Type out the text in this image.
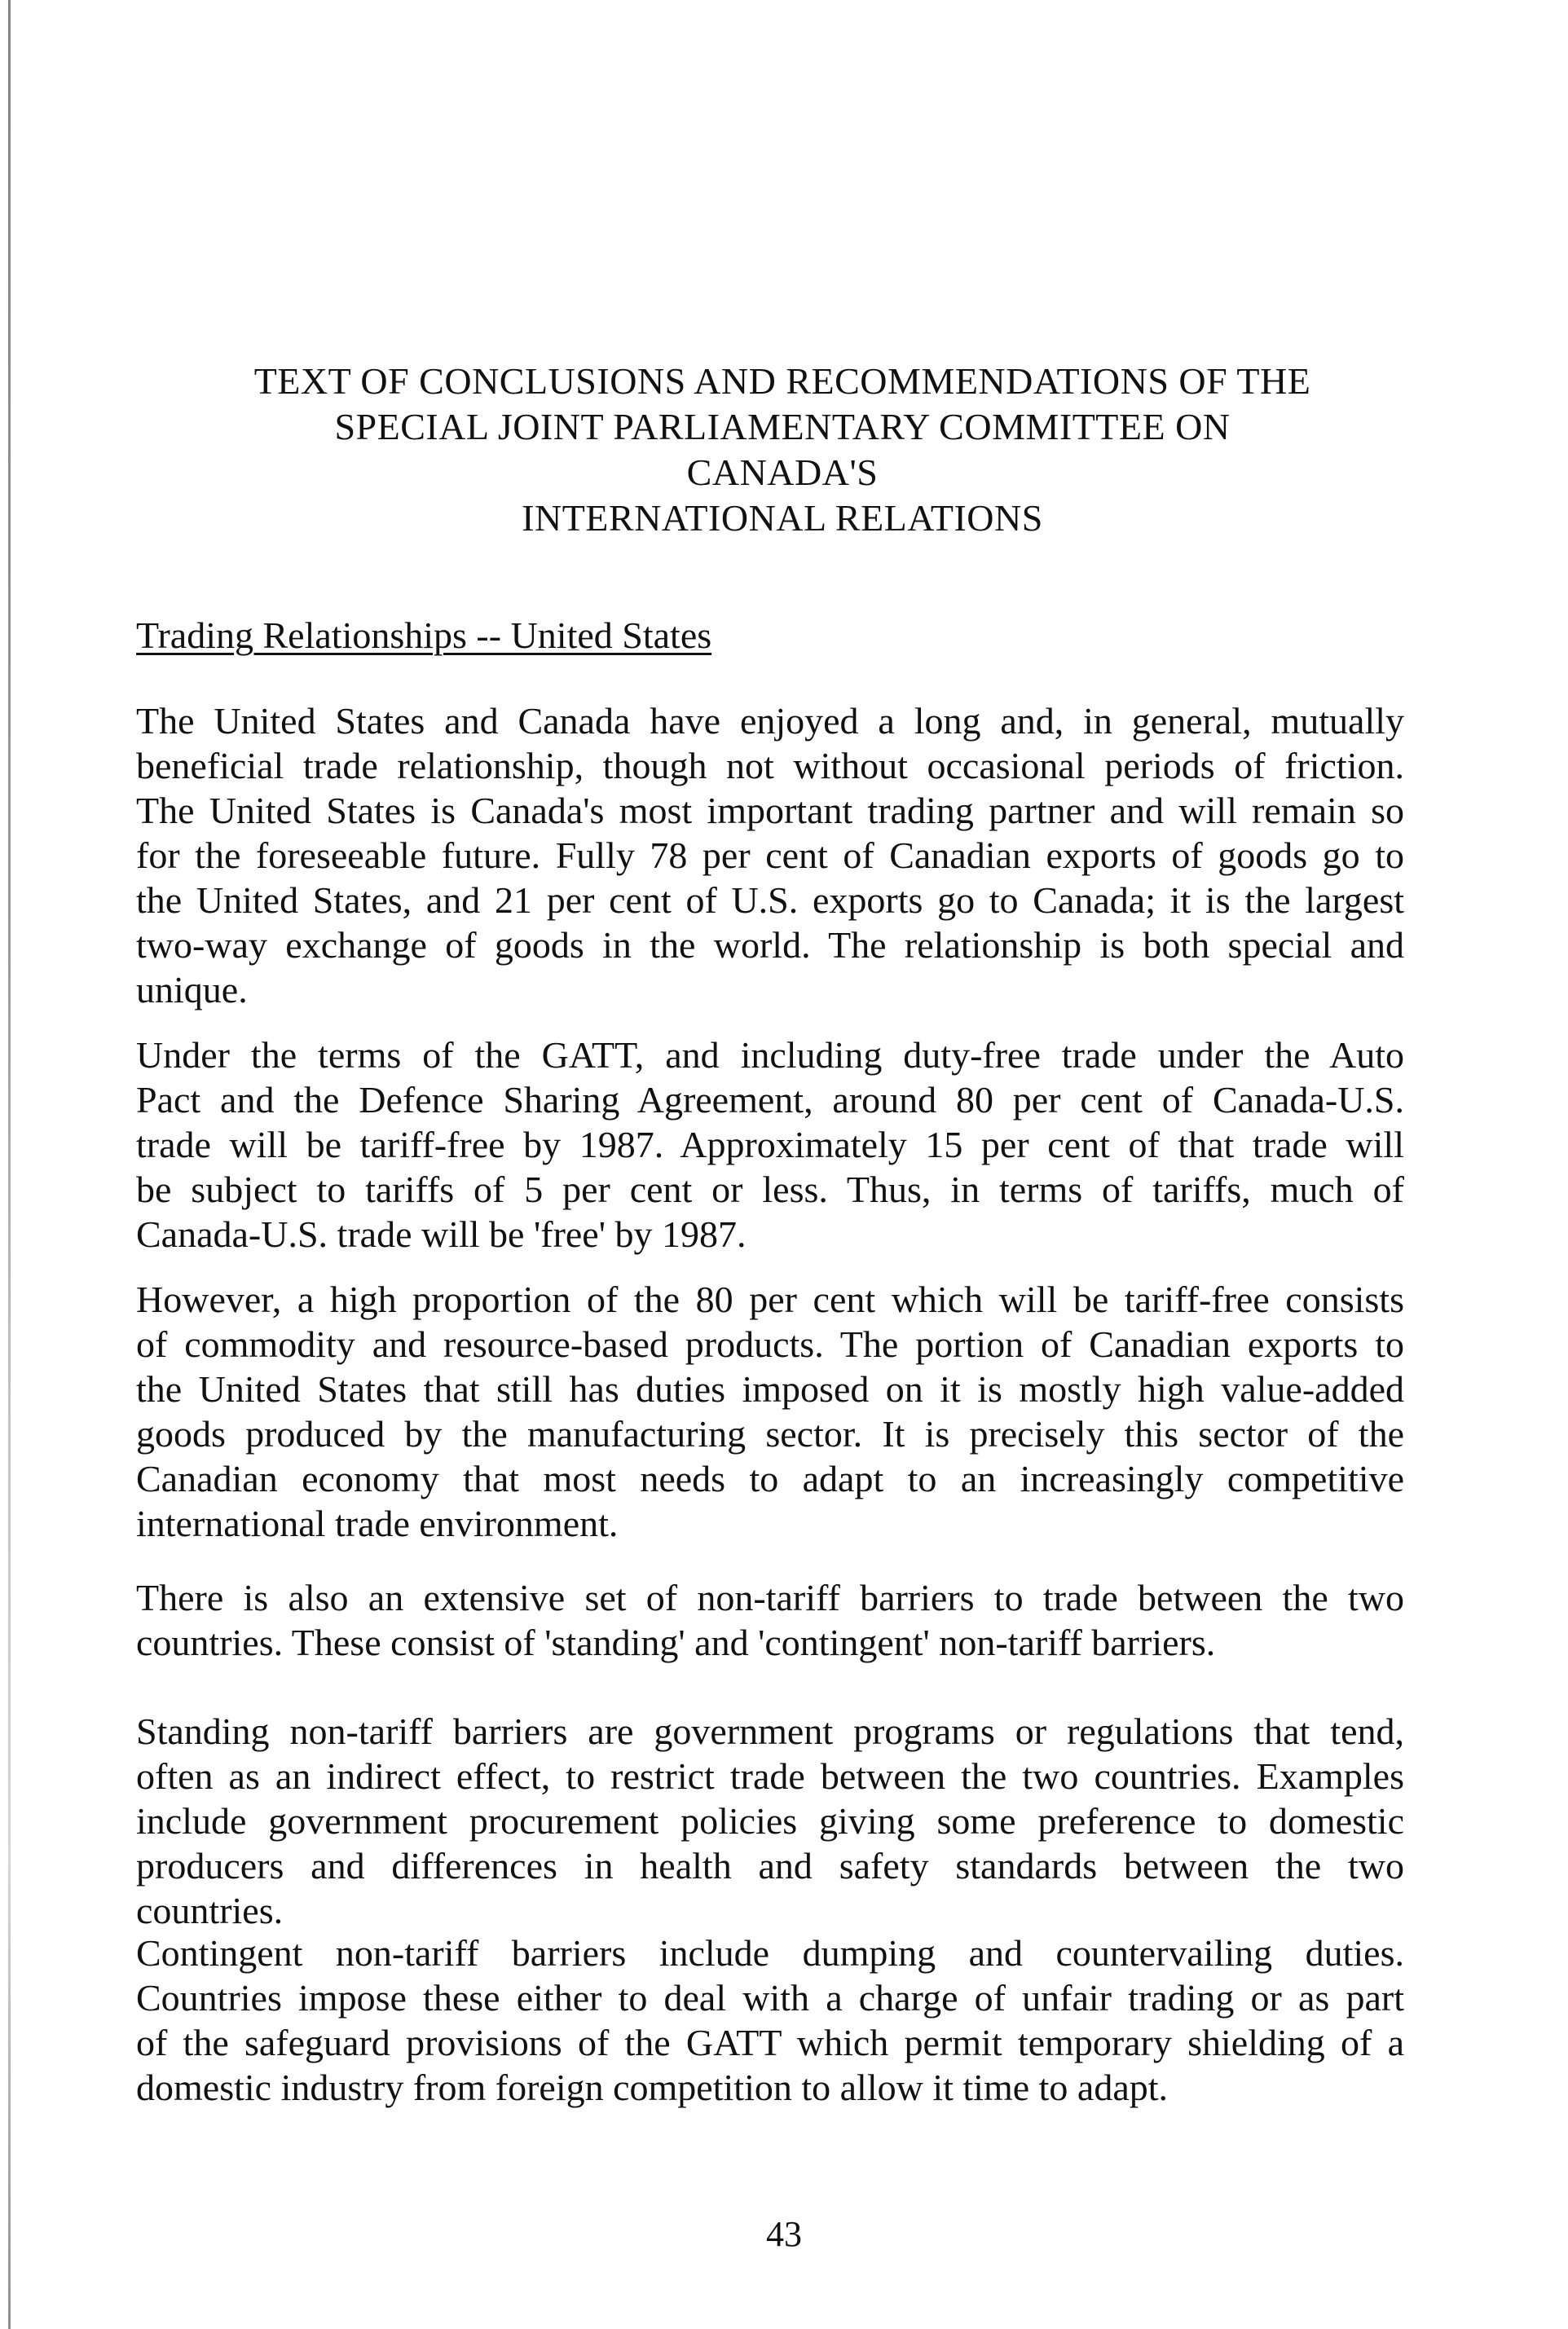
TEXT OF CONCLUSIONS AND RECOMMENDATIONS OF THE
SPECIAL JOINT PARLIAMENTARY COMMITTEE ON
CANADA'S
INTERNATIONAL RELATIONS
Trading Relationships -- United States
The United States and Canada have enjoyed a long and, in general, mutually
beneficial trade relationship, though not without occasional periods of friction.
The United States is Canada's most important trading partner and will remain so
for the foreseeable future. Fully 78 per cent of Canadian exports of goods go to
the United States, and 21 per cent of U.S. exports go to Canada; it is the largest
two-way exchange of goods in the world. The relationship is both special and
unique.
Under the terms of the GATT, and including duty-free trade under the Auto
Pact and the Defence Sharing Agreement, around 80 per cent of Canada-U.S.
trade will be tariff-free by 1987. Approximately 15 per cent of that trade will
be subject to tariffs of 5 per cent or less. Thus, in terms of tariffs, much of
Canada-U.S. trade will be 'free' by 1987.
However, a high proportion of the 80 per cent which will be tariff-free consists
of commodity and resource-based products. The portion of Canadian exports to
the United States that still has duties imposed on it is mostly high value-added
goods produced by the manufacturing sector. It is precisely this sector of the
Canadian economy that most needs to adapt to an increasingly competitive
international trade environment.
There is also an extensive set of non-tariff barriers to trade between the two
countries. These consist of 'standing' and 'contingent' non-tariff barriers.
Standing non-tariff barriers are government programs or regulations that tend,
often as an indirect effect, to restrict trade between the two countries. Examples
include government procurement policies giving some preference to domestic
producers and differences in health and safety standards between the two
countries.
Contingent non-tariff barriers include dumping and countervailing duties.
Countries impose these either to deal with a charge of unfair trading or as part
of the safeguard provisions of the GATT which permit temporary shielding of a
domestic industry from foreign competition to allow it time to adapt.
43
